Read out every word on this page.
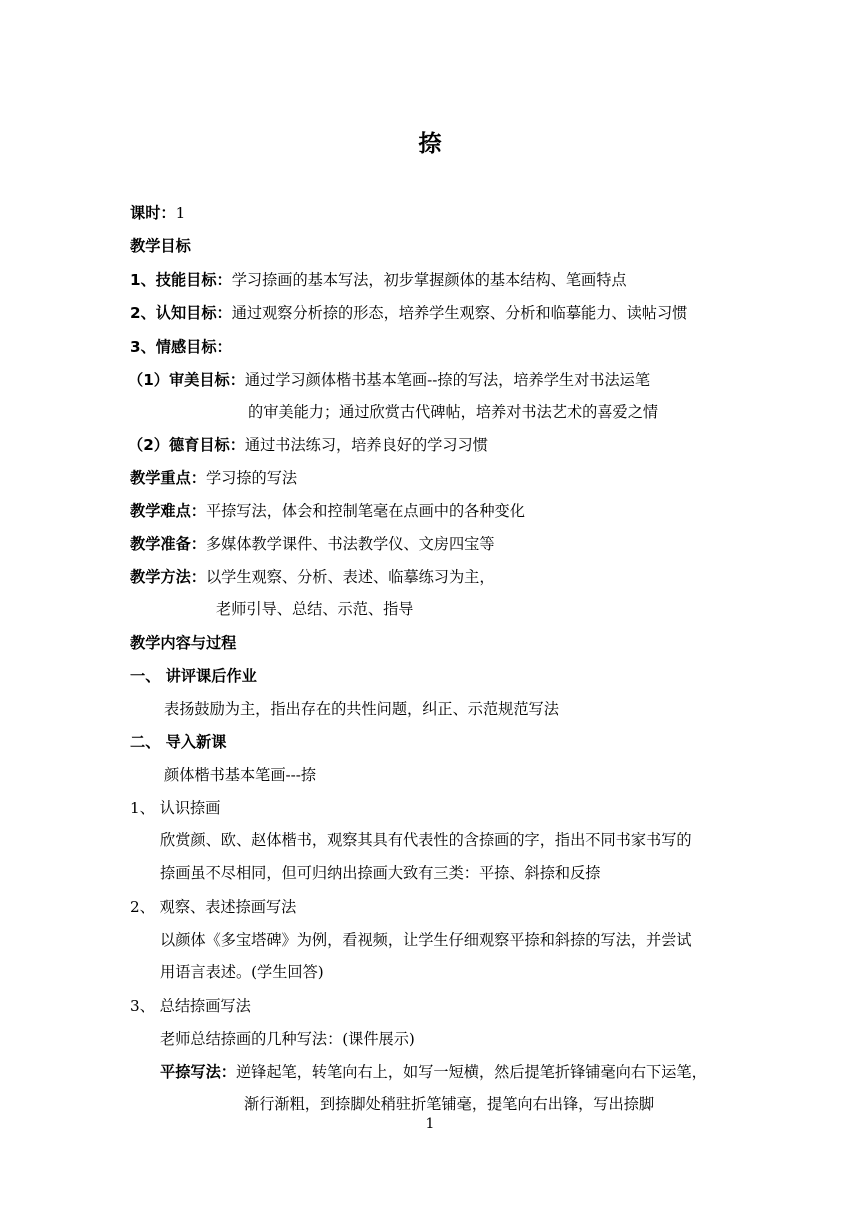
捺
课时：1
教学目标
1、技能目标：学习捺画的基本写法，初步掌握颜体的基本结构、笔画特点
2、认知目标：通过观察分析捺的形态，培养学生观察、分析和临摹能力、读帖习惯
3、情感目标：
（1）审美目标：通过学习颜体楷书基本笔画--捺的写法，培养学生对书法运笔
的审美能力；通过欣赏古代碑帖，培养对书法艺术的喜爱之情
（2）德育目标：通过书法练习，培养良好的学习习惯
教学重点：学习捺的写法
教学难点：平捺写法，体会和控制笔毫在点画中的各种变化
教学准备：多媒体教学课件、书法教学仪、文房四宝等
教学方法：以学生观察、分析、表述、临摹练习为主，
老师引导、总结、示范、指导
教学内容与过程
一、 讲评课后作业
表扬鼓励为主，指出存在的共性问题，纠正、示范规范写法
二、 导入新课
颜体楷书基本笔画---捺
1、 认识捺画
欣赏颜、欧、赵体楷书，观察其具有代表性的含捺画的字，指出不同书家书写的
捺画虽不尽相同，但可归纳出捺画大致有三类：平捺、斜捺和反捺
2、 观察、表述捺画写法
以颜体《多宝塔碑》为例，看视频，让学生仔细观察平捺和斜捺的写法，并尝试
用语言表述。(学生回答)
3、 总结捺画写法
老师总结捺画的几种写法：(课件展示)
平捺写法：逆锋起笔，转笔向右上，如写一短横，然后提笔折锋铺毫向右下运笔，
渐行渐粗，到捺脚处稍驻折笔铺毫，提笔向右出锋，写出捺脚
1
